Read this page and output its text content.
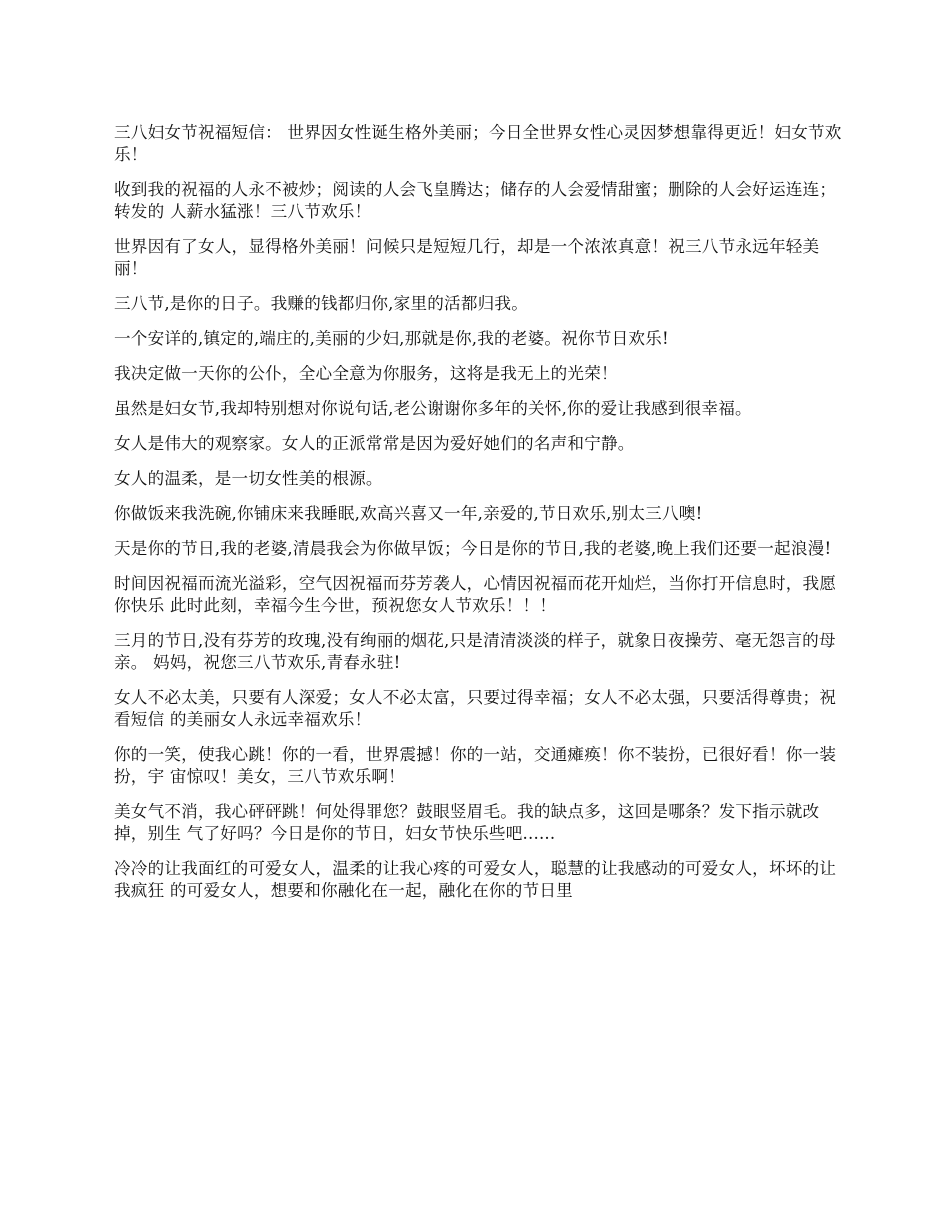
三八妇女节祝福短信： 世界因女性诞生格外美丽；今日全世界女性心灵因梦想靠得更近！妇女节欢乐！

收到我的祝福的人永不被炒；阅读的人会飞皇腾达；储存的人会爱情甜蜜；删除的人会好运连连；转发的 人薪水猛涨！三八节欢乐！

世界因有了女人，显得格外美丽！问候只是短短几行，却是一个浓浓真意！祝三八节永远年轻美丽！

三八节,是你的日子。我赚的钱都归你,家里的活都归我。

一个安详的,镇定的,端庄的,美丽的少妇,那就是你,我的老婆。祝你节日欢乐!

我决定做一天你的公仆，全心全意为你服务，这将是我无上的光荣！

虽然是妇女节,我却特别想对你说句话,老公谢谢你多年的关怀,你的爱让我感到很幸福。

女人是伟大的观察家。女人的正派常常是因为爱好她们的名声和宁静。

女人的温柔，是一切女性美的根源。

你做饭来我洗碗,你铺床来我睡眠,欢高兴喜又一年,亲爱的,节日欢乐,别太三八噢!

天是你的节日,我的老婆,清晨我会为你做早饭；今日是你的节日,我的老婆,晚上我们还要一起浪漫!

时间因祝福而流光溢彩，空气因祝福而芬芳袭人，心情因祝福而花开灿烂，当你打开信息时，我愿你快乐 此时此刻，幸福今生今世，预祝您女人节欢乐！！！

三月的节日,没有芬芳的玫瑰,没有绚丽的烟花,只是清清淡淡的样子，就象日夜操劳、毫无怨言的母亲。 妈妈，祝您三八节欢乐,青春永驻!

女人不必太美，只要有人深爱；女人不必太富，只要过得幸福；女人不必太强，只要活得尊贵；祝看短信 的美丽女人永远幸福欢乐！

你的一笑，使我心跳！你的一看，世界震撼！你的一站，交通瘫痪！你不装扮，已很好看！你一装扮，宇 宙惊叹！美女，三八节欢乐啊！

美女气不消，我心砰砰跳！何处得罪您？鼓眼竖眉毛。我的缺点多，这回是哪条？发下指示就改掉，别生 气了好吗？今日是你的节日，妇女节快乐些吧......

冷冷的让我面红的可爱女人，温柔的让我心疼的可爱女人，聪慧的让我感动的可爱女人，坏坏的让我疯狂 的可爱女人，想要和你融化在一起，融化在你的节日里
